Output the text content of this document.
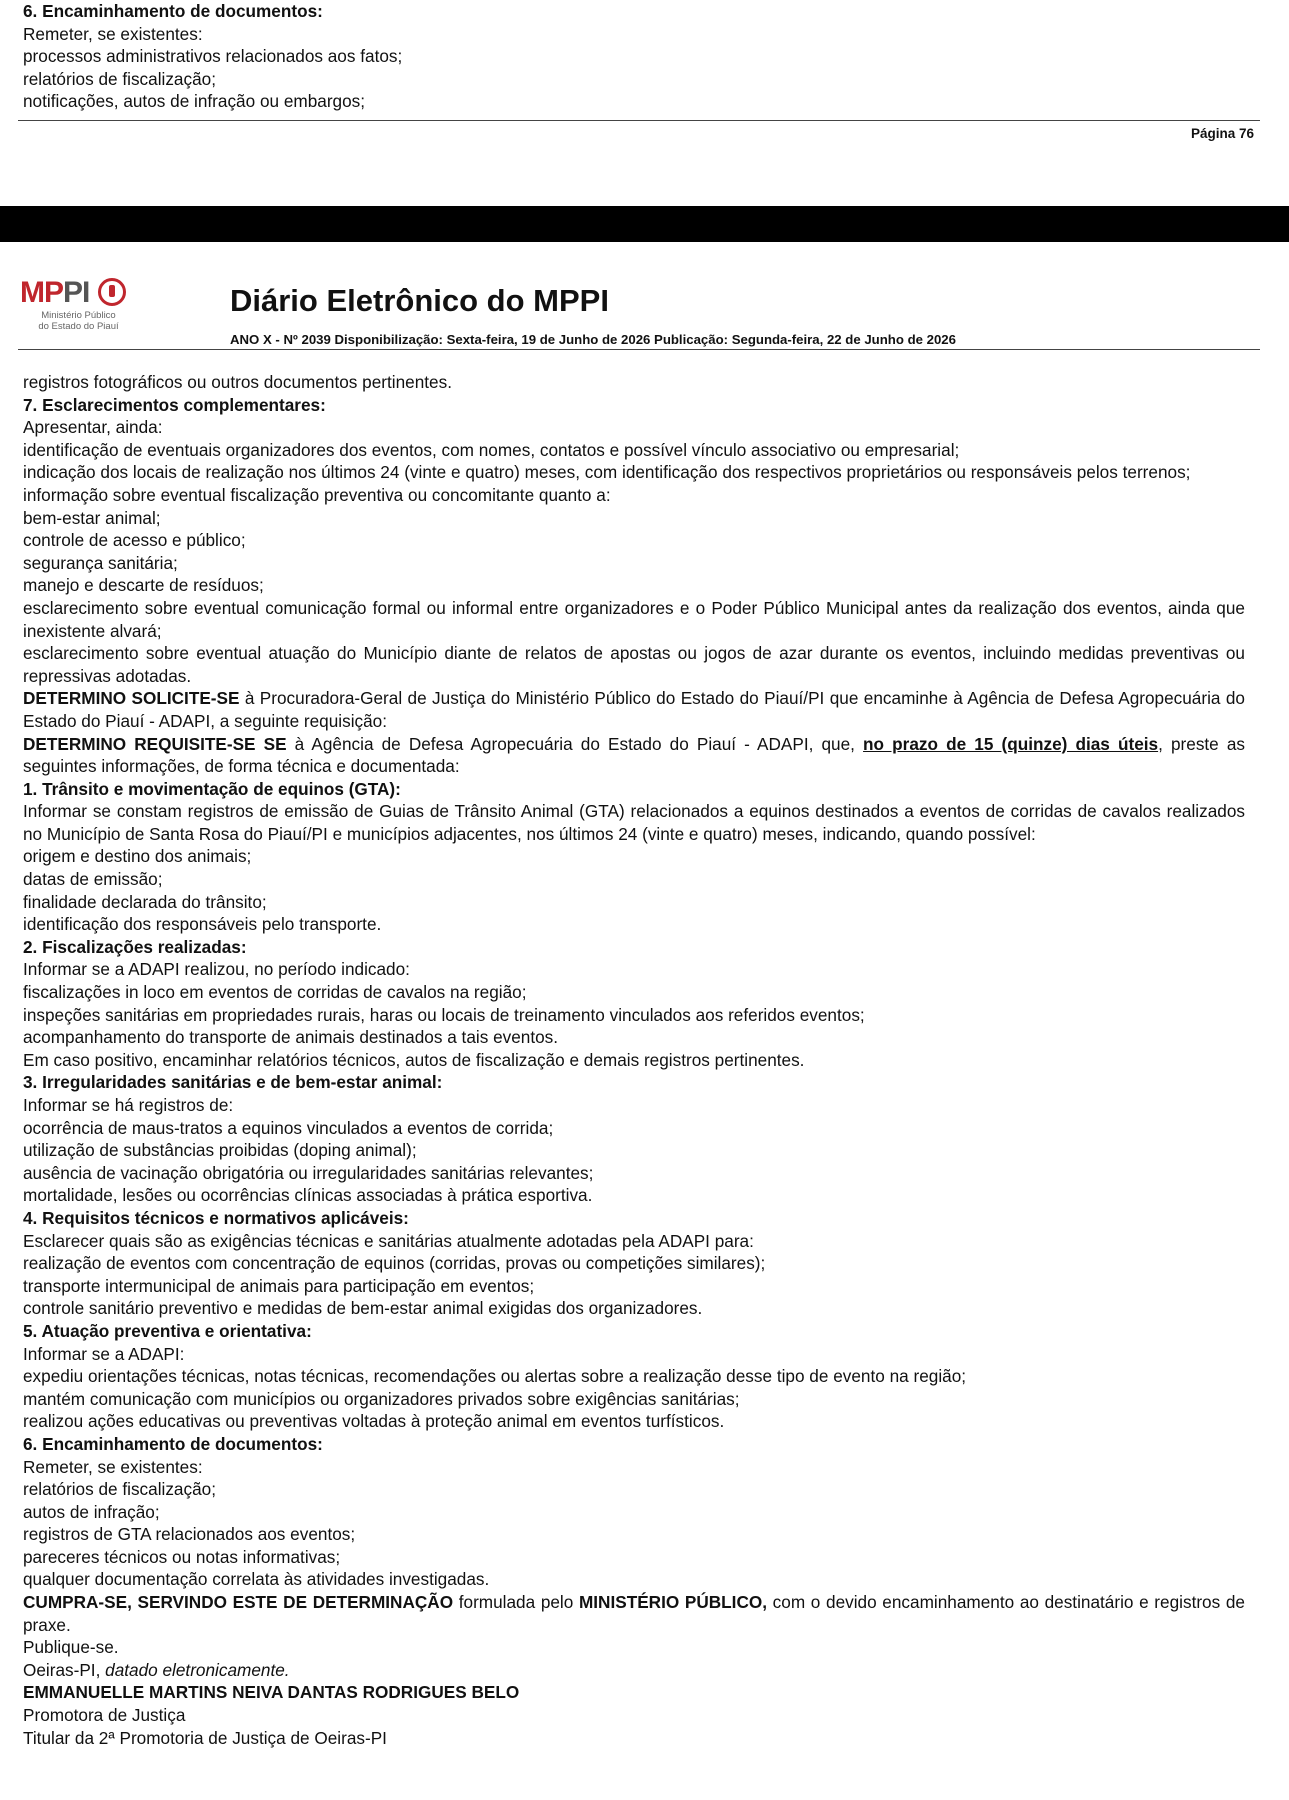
6. Encaminhamento de documentos:
Remeter, se existentes:
processos administrativos relacionados aos fatos;
relatórios de fiscalização;
notificações, autos de infração ou embargos;
Página 76
MPPI
Ministério Público
do Estado do Piauí
Diário Eletrônico do MPPI
ANO X - Nº 2039 Disponibilização: Sexta-feira, 19 de Junho de 2026 Publicação: Segunda-feira, 22 de Junho de 2026
registros fotográficos ou outros documentos pertinentes.
7. Esclarecimentos complementares:
Apresentar, ainda:
identificação de eventuais organizadores dos eventos, com nomes, contatos e possível vínculo associativo ou empresarial;
indicação dos locais de realização nos últimos 24 (vinte e quatro) meses, com identificação dos respectivos proprietários ou responsáveis pelos terrenos;
informação sobre eventual fiscalização preventiva ou concomitante quanto a:
bem-estar animal;
controle de acesso e público;
segurança sanitária;
manejo e descarte de resíduos;
esclarecimento sobre eventual comunicação formal ou informal entre organizadores e o Poder Público Municipal antes da realização dos eventos, ainda que inexistente alvará;
esclarecimento sobre eventual atuação do Município diante de relatos de apostas ou jogos de azar durante os eventos, incluindo medidas preventivas ou repressivas adotadas.
DETERMINO SOLICITE-SE à Procuradora-Geral de Justiça do Ministério Público do Estado do Piauí/PI que encaminhe à Agência de Defesa Agropecuária do Estado do Piauí - ADAPI, a seguinte requisição:
DETERMINO REQUISITE-SE SE à Agência de Defesa Agropecuária do Estado do Piauí - ADAPI, que, no prazo de 15 (quinze) dias úteis, preste as seguintes informações, de forma técnica e documentada:
1. Trânsito e movimentação de equinos (GTA):
Informar se constam registros de emissão de Guias de Trânsito Animal (GTA) relacionados a equinos destinados a eventos de corridas de cavalos realizados no Município de Santa Rosa do Piauí/PI e municípios adjacentes, nos últimos 24 (vinte e quatro) meses, indicando, quando possível:
origem e destino dos animais;
datas de emissão;
finalidade declarada do trânsito;
identificação dos responsáveis pelo transporte.
2. Fiscalizações realizadas:
Informar se a ADAPI realizou, no período indicado:
fiscalizações in loco em eventos de corridas de cavalos na região;
inspeções sanitárias em propriedades rurais, haras ou locais de treinamento vinculados aos referidos eventos;
acompanhamento do transporte de animais destinados a tais eventos.
Em caso positivo, encaminhar relatórios técnicos, autos de fiscalização e demais registros pertinentes.
3. Irregularidades sanitárias e de bem-estar animal:
Informar se há registros de:
ocorrência de maus-tratos a equinos vinculados a eventos de corrida;
utilização de substâncias proibidas (doping animal);
ausência de vacinação obrigatória ou irregularidades sanitárias relevantes;
mortalidade, lesões ou ocorrências clínicas associadas à prática esportiva.
4. Requisitos técnicos e normativos aplicáveis:
Esclarecer quais são as exigências técnicas e sanitárias atualmente adotadas pela ADAPI para:
realização de eventos com concentração de equinos (corridas, provas ou competições similares);
transporte intermunicipal de animais para participação em eventos;
controle sanitário preventivo e medidas de bem-estar animal exigidas dos organizadores.
5. Atuação preventiva e orientativa:
Informar se a ADAPI:
expediu orientações técnicas, notas técnicas, recomendações ou alertas sobre a realização desse tipo de evento na região;
mantém comunicação com municípios ou organizadores privados sobre exigências sanitárias;
realizou ações educativas ou preventivas voltadas à proteção animal em eventos turfísticos.
6. Encaminhamento de documentos:
Remeter, se existentes:
relatórios de fiscalização;
autos de infração;
registros de GTA relacionados aos eventos;
pareceres técnicos ou notas informativas;
qualquer documentação correlata às atividades investigadas.
CUMPRA-SE, SERVINDO ESTE DE DETERMINAÇÃO formulada pelo MINISTÉRIO PÚBLICO, com o devido encaminhamento ao destinatário e registros de praxe.
Publique-se.
Oeiras-PI, datado eletronicamente.
EMMANUELLE MARTINS NEIVA DANTAS RODRIGUES BELO
Promotora de Justiça
Titular da 2ª Promotoria de Justiça de Oeiras-PI
